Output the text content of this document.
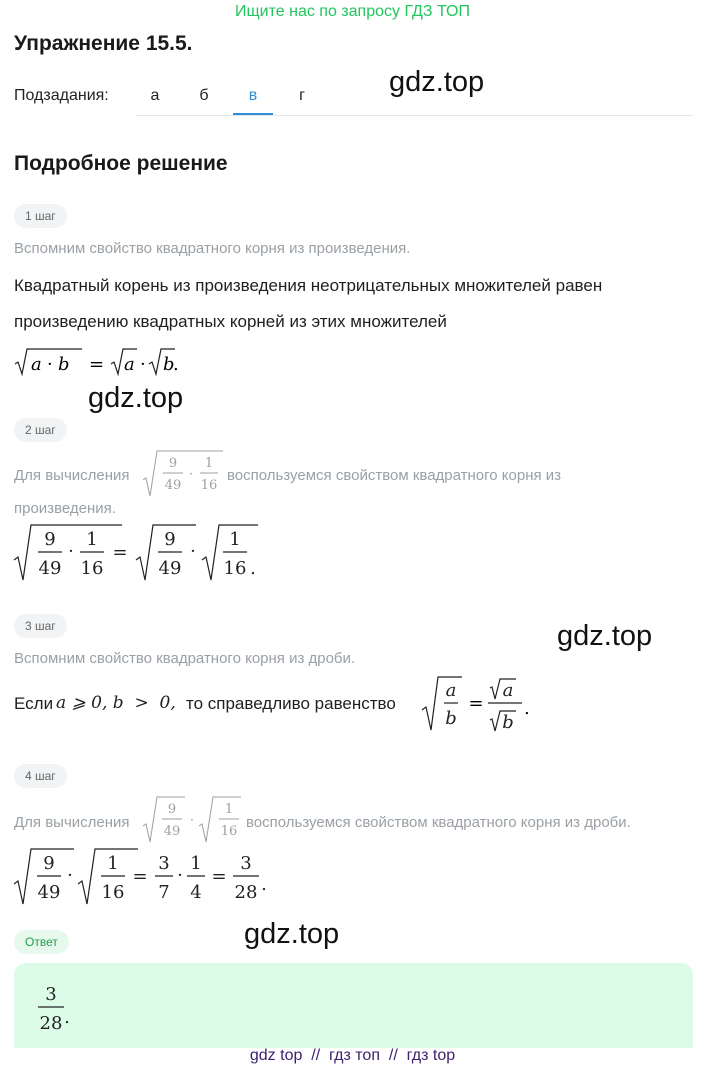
Ищите нас по запросу ГДЗ ТОП
Упражнение 15.5.
Подзадания:	а	б	в	г	gdz.top
Подробное решение
1 шаг
Вспомним свойство квадратного корня из произведения.
Квадратный корень из произведения неотрицательных множителей равен
произведению квадратных корней из этих множителей
a · b = a · b
.
gdz.top
2 шаг
Для вычисления
9
49
·
1
16
воспользуемся свойством квадратного корня из
произведения.
9
49
·
1
16
=
9
49
·
1
16 .
3 шаг	gdz.top
Вспомним свойство квадратного корня из дроби.
Если a ⩾ 0, b  >  0, то справедливо равенство
a
b
a
b
= .
4 шаг
Для вычисления
9
49
·
1
16
воспользуемся свойством квадратного корня из дроби.
9
49
·
1
16
=
3
7
·
1
4
=
3
28 .
Ответ	gdz.top
3
28 .
gdz top  //  гдз топ  //  гдз top
